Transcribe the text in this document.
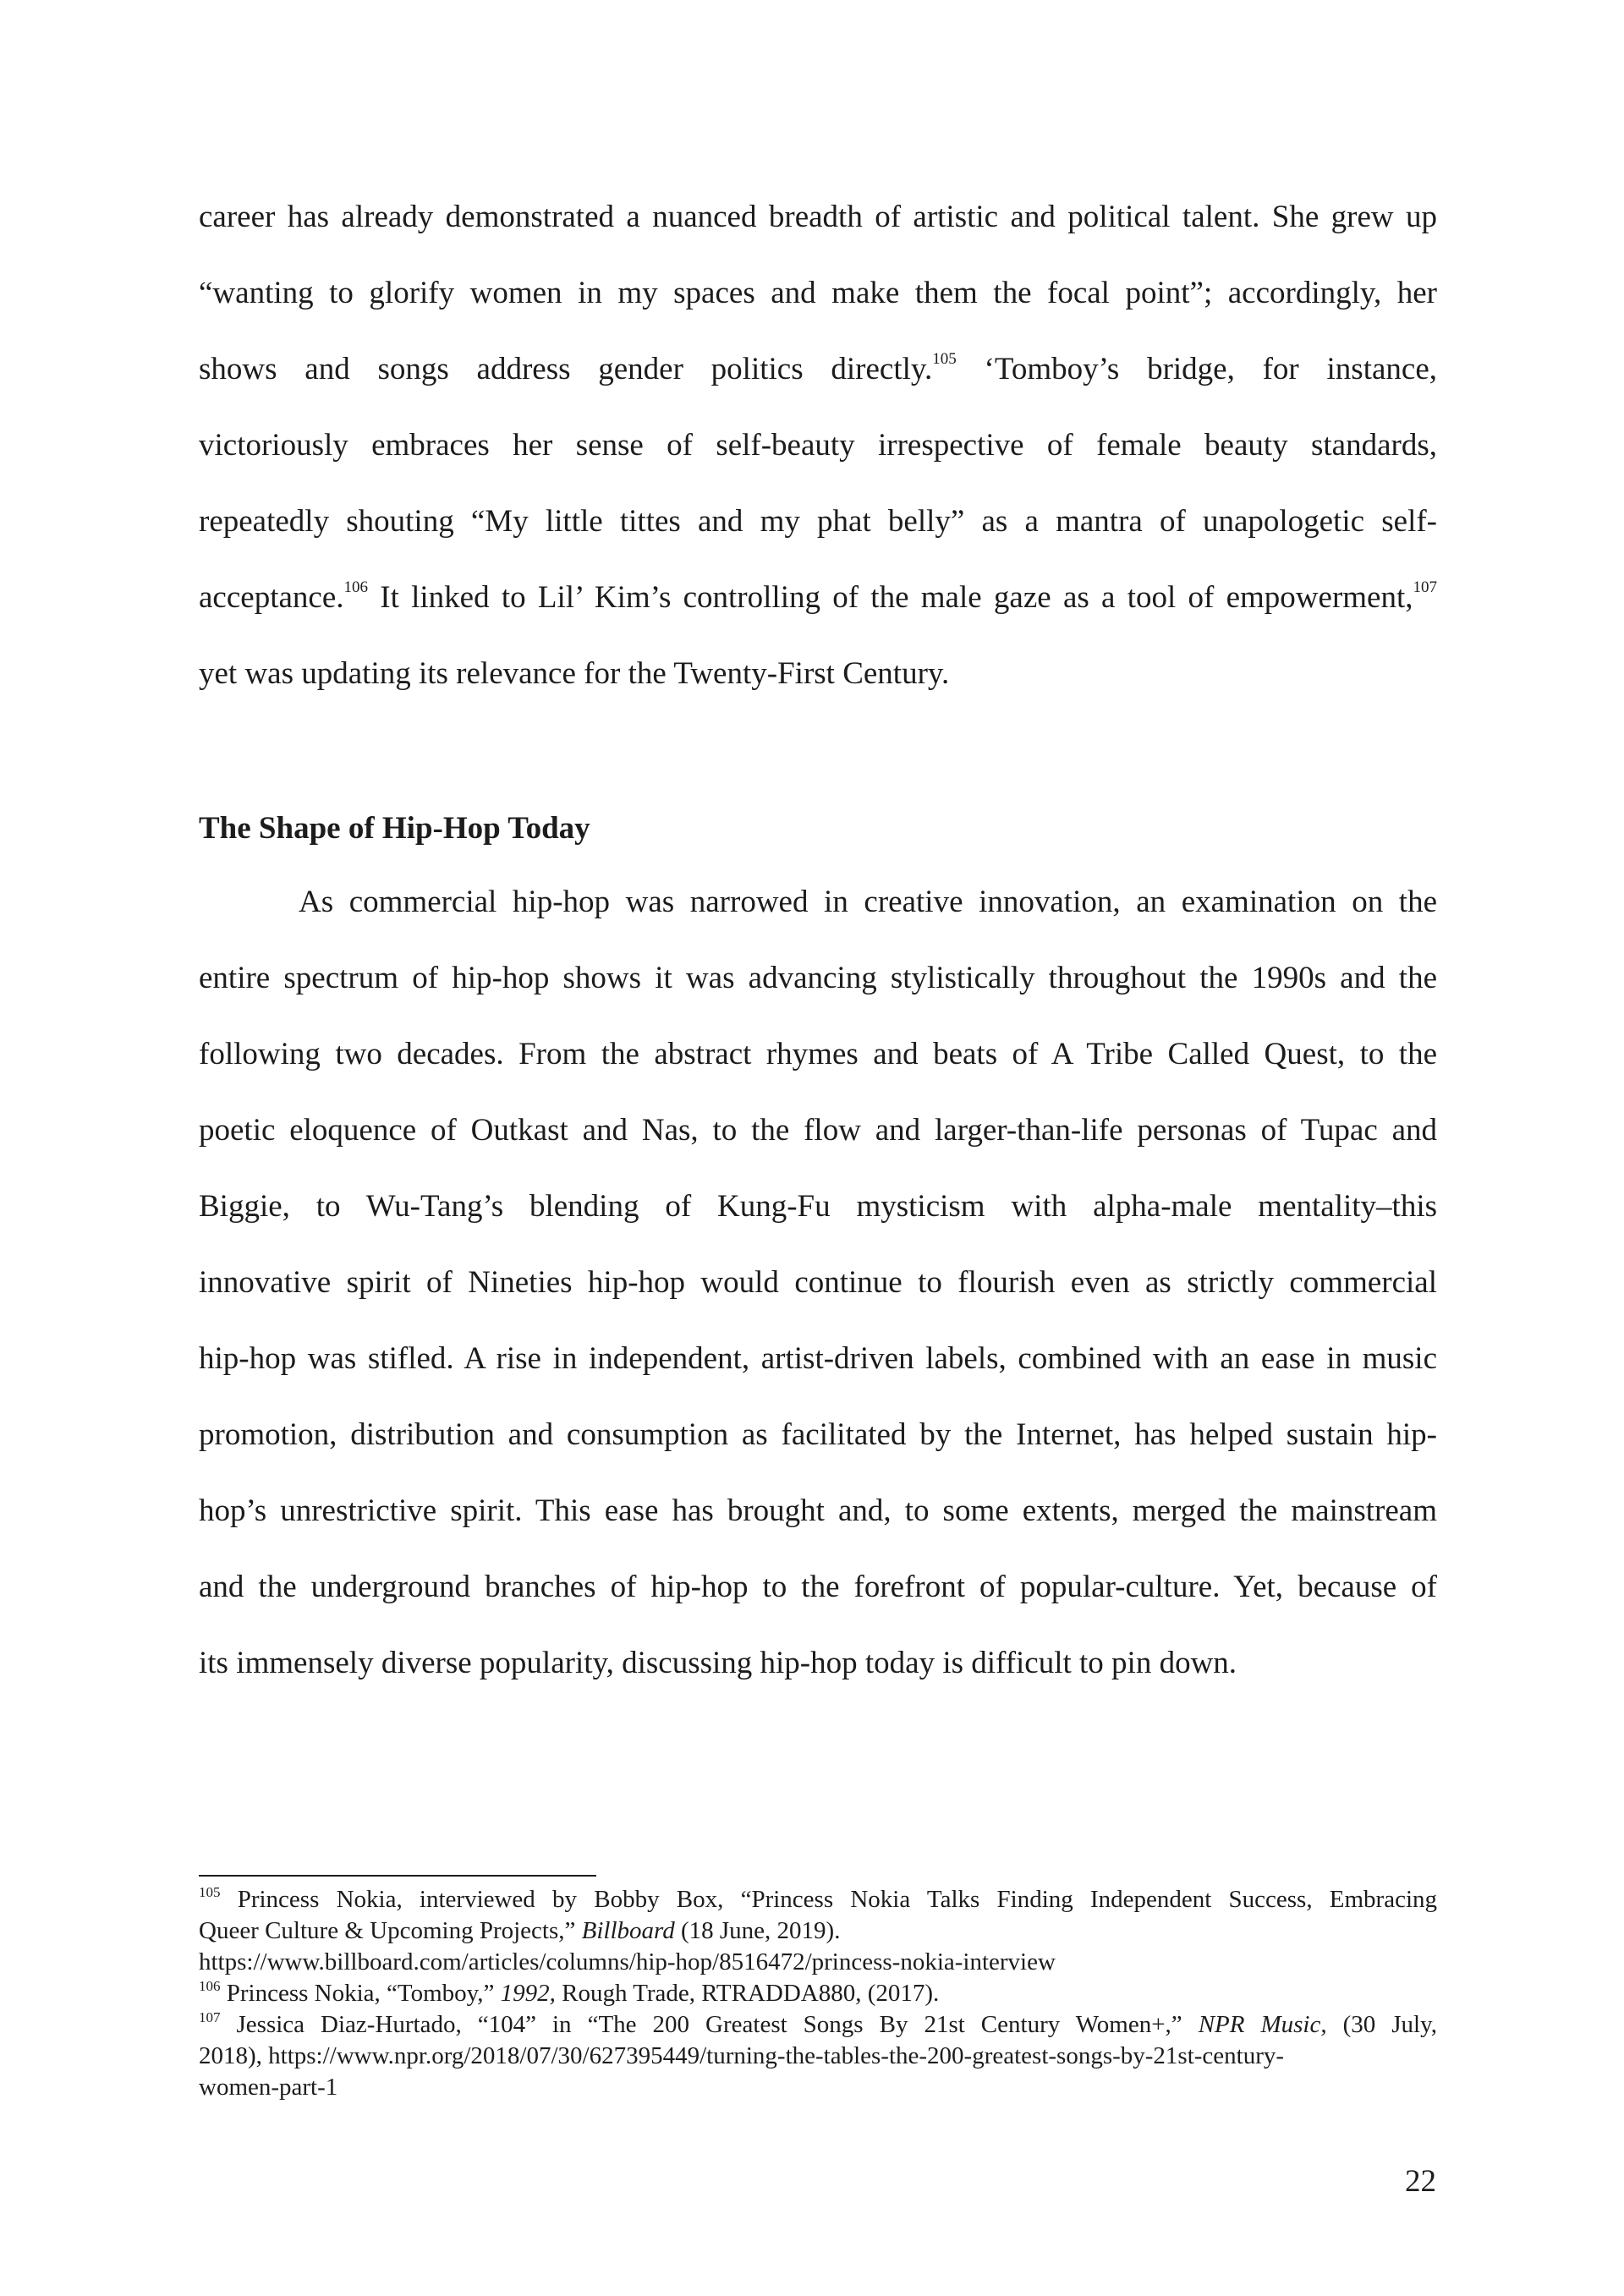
career has already demonstrated a nuanced breadth of artistic and political talent. She grew up
“wanting to glorify women in my spaces and make them the focal point”; accordingly, her
shows and songs address gender politics directly.$^{105}$ ‘Tomboy’s bridge, for instance,
victoriously embraces her sense of self-beauty irrespective of female beauty standards,
repeatedly shouting “My little tittes and my phat belly” as a mantra of unapologetic self-
acceptance.$^{106}$ It linked to Lil’ Kim’s controlling of the male gaze as a tool of empowerment,$^{107}$
yet was updating its relevance for the Twenty-First Century.
The Shape of Hip-Hop Today
As commercial hip-hop was narrowed in creative innovation, an examination on the
entire spectrum of hip-hop shows it was advancing stylistically throughout the 1990s and the
following two decades. From the abstract rhymes and beats of A Tribe Called Quest, to the
poetic eloquence of Outkast and Nas, to the flow and larger-than-life personas of Tupac and
Biggie, to Wu-Tang’s blending of Kung-Fu mysticism with alpha-male mentality–this
innovative spirit of Nineties hip-hop would continue to flourish even as strictly commercial
hip-hop was stifled. A rise in independent, artist-driven labels, combined with an ease in music
promotion, distribution and consumption as facilitated by the Internet, has helped sustain hip-
hop’s unrestrictive spirit. This ease has brought and, to some extents, merged the mainstream
and the underground branches of hip-hop to the forefront of popular-culture. Yet, because of
its immensely diverse popularity, discussing hip-hop today is difficult to pin down.
$^{105}$ Princess Nokia, interviewed by Bobby Box, “Princess Nokia Talks Finding Independent Success, Embracing
Queer Culture & Upcoming Projects,” Billboard (18 June, 2019).
https://www.billboard.com/articles/columns/hip-hop/8516472/princess-nokia-interview
$^{106}$ Princess Nokia, “Tomboy,” 1992, Rough Trade, RTRADDA880, (2017).
$^{107}$ Jessica Diaz-Hurtado, “104” in “The 200 Greatest Songs By 21st Century Women+,” NPR Music, (30 July,
2018), https://www.npr.org/2018/07/30/627395449/turning-the-tables-the-200-greatest-songs-by-21st-century-
women-part-1
22
